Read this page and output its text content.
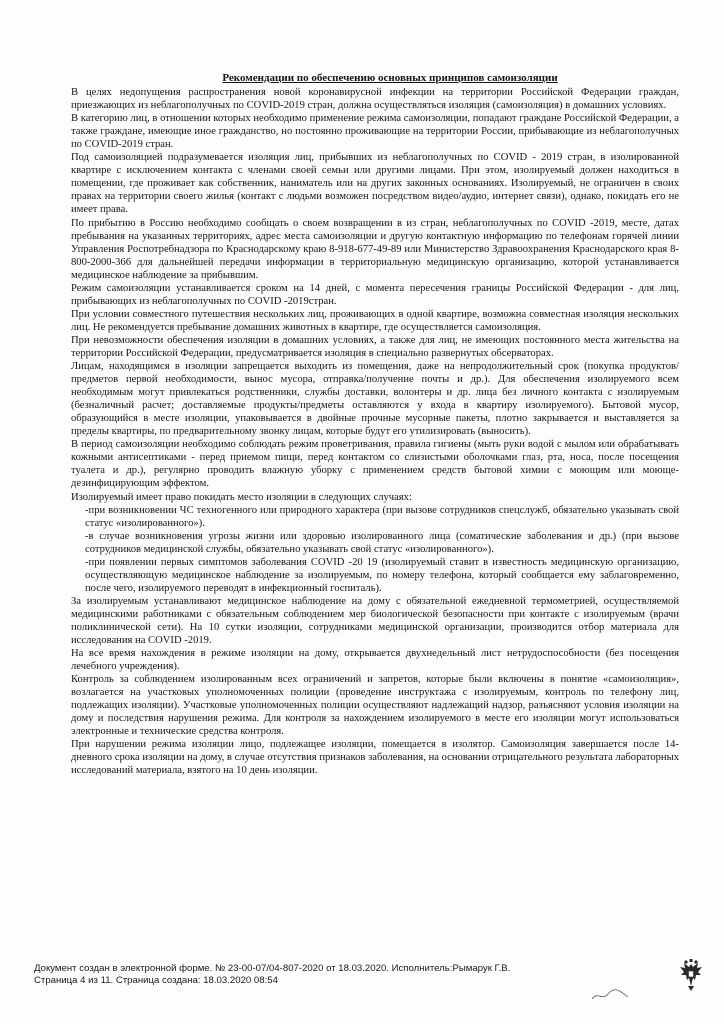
Рекомендации по обеспечению основных принципов самоизоляции

В целях недопущения распространения новой коронавирусной инфекции на территории Российской Федерации граждан, приезжающих из неблагополучных по COVID-2019 стран, должна осуществляться изоляция (самоизоляция) в домашних условиях.

В категорию лиц, в отношении которых необходимо применение режима самоизоляции, попадают граждане Российской Федерации, а также граждане, имеющие иное гражданство, но постоянно проживающие на территории России, прибывающие из неблагополучных по COVID-2019 стран.

Под самоизоляцией подразумевается изоляция лиц, прибывших из неблагополучных по COVID - 2019 стран, в изолированной квартире с исключением контакта с членами своей семьи или другими лицами. При этом, изолируемый должен находиться в помещении, где проживает как собственник, наниматель или на других законных основаниях. Изолируемый, не ограничен в своих правах на территории своего жилья (контакт с людьми возможен посредством видео/аудио, интернет связи), однако, покидать его не имеет права.

По прибытию в Россию необходимо сообщать о своем возвращении в из стран, неблагополучных по COVID -2019, месте, датах пребывания на указанных территориях, адрес места самоизоляции и другую контактную информацию по телефонам горячей линии Управления Роспотребнадзора по Краснодарскому краю 8-918-677-49-89 или Министерство Здравоохранения Краснодарского края 8-800-2000-366 для дальнейшей передачи информации в территориальную медицинскую организацию, которой устанавливается медицинское наблюдение за прибывшим.

Режим самоизоляции устанавливается сроком на 14 дней, с момента пересечения границы Российской Федерации - для лиц, прибывающих из неблагополучных по COVID -2019стран.

При условии совместного путешествия нескольких лиц, проживающих в одной квартире, возможна совместная изоляция нескольких лиц. Не рекомендуется пребывание домашних животных в квартире, где осуществляется самоизоляция.

При невозможности обеспечения изоляции в домашних условиях, а также для лиц, не имеющих постоянного места жительства на территории Российской Федерации, предусматривается изоляция в специально развернутых обсерваторах.

Лицам, находящимся в изоляции запрещается выходить из помещения, даже на непродолжительный срок (покупка продуктов/предметов первой необходимости, вынос мусора, отправка/получение почты и др.). Для обеспечения изолируемого всем необходимым могут привлекаться родственники, службы доставки, волонтеры и др. лица без личного контакта с изолируемым (безналичный расчет; доставляемые продукты/предметы оставляются у входа в квартиру изолируемого). Бытовой мусор, образующийся в месте изоляции, упаковывается в двойные прочные мусорные пакеты, плотно закрывается и выставляется за пределы квартиры, по предварительному звонку лицам, которые будут его утилизировать (выносить).

В период самоизоляции необходимо соблюдать режим проветривания, правила гигиены (мыть руки водой с мылом или обрабатывать кожными антисептиками - перед приемом пищи, перед контактом со слизистыми оболочками глаз, рта, носа, после посещения туалета и др.), регулярно проводить влажную уборку с применением средств бытовой химии с моющим или моюще-дезинфицирующим эффектом.

Изолируемый имеет право покидать место изоляции в следующих случаях:

-при возникновении ЧС техногенного или природного характера (при вызове сотрудников спецслужб, обязательно указывать свой статус «изолированного»).

-в случае возникновения угрозы жизни или здоровью изолированного лица (соматические заболевания и др.) (при вызове сотрудников медицинской службы, обязательно указывать свой статус «изолированного»).

-при появлении первых симптомов заболевания COVID -20 19 (изолируемый ставит в известность медицинскую организацию, осуществляющую медицинское наблюдение за изолируемым, по номеру телефона, который сообщается ему заблаговременно, после чего, изолируемого переводят в инфекционный госпиталь).

За изолируемым устанавливают медицинское наблюдение на дому с обязательной ежедневной термометрией, осуществляемой медицинскими работниками с обязательным соблюдением мер биологической безопасности при контакте с изолируемым (врачи поликлинической сети). На 10 сутки изоляции, сотрудниками медицинской организации, производится отбор материала для исследования на COVID -2019.

На все время нахождения в режиме изоляции на дому, открывается двухнедельный лист нетрудоспособности (без посещения лечебного учреждения).

Контроль за соблюдением изолированным всех ограничений и запретов, которые были включены в понятие «самоизоляция», возлагается на участковых уполномоченных полиции (проведение инструктажа с изолируемым, контроль по телефону лиц, подлежащих изоляции). Участковые уполномоченных полиции осуществляют надлежащий надзор, разъясняют условия изоляции на дому и последствия нарушения режима. Для контроля за нахождением изолируемого в месте его изоляции могут использоваться электронные и технические средства контроля.

При нарушении режима изоляции лицо, подлежащее изоляции, помещается в изолятор. Самоизоляция завершается после 14-дневного срока изоляции на дому, в случае отсутствия признаков заболевания, на основании отрицательного результата лабораторных исследований материала, взятого на 10 день изоляции.

Документ создан в электронной форме. № 23-00-07/04-807-2020 от 18.03.2020. Исполнитель:Рымарук Г.В.
Страница 4 из 11. Страница создана: 18.03.2020 08:54
